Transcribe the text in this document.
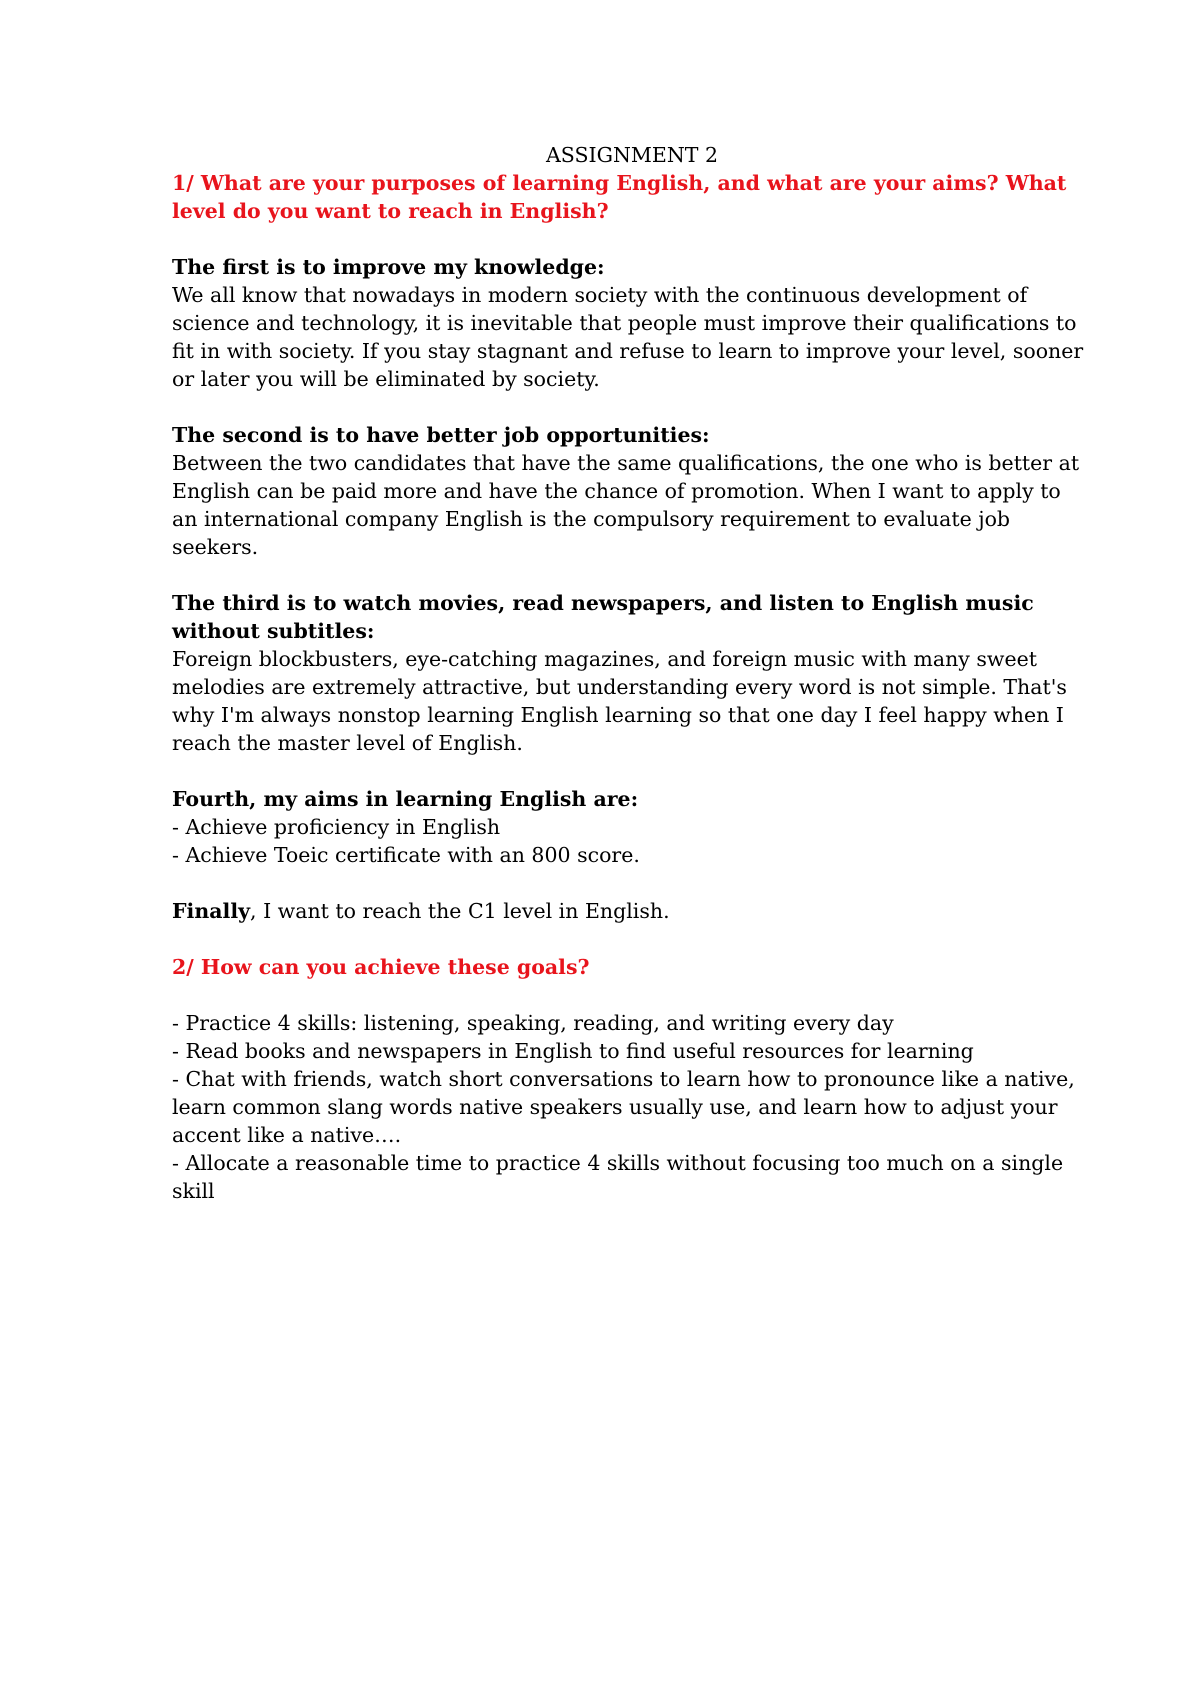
ASSIGNMENT 2

1/ What are your purposes of learning English, and what are your aims? What level do you want to reach in English?

The first is to improve my knowledge:

We all know that nowadays in modern society with the continuous development of science and technology, it is inevitable that people must improve their qualifications to fit in with society. If you stay stagnant and refuse to learn to improve your level, sooner or later you will be eliminated by society.

The second is to have better job opportunities:

Between the two candidates that have the same qualifications, the one who is better at English can be paid more and have the chance of promotion. When I want to apply to an international company English is the compulsory requirement to evaluate job seekers.

The third is to watch movies, read newspapers, and listen to English music without subtitles:

Foreign blockbusters, eye-catching magazines, and foreign music with many sweet melodies are extremely attractive, but understanding every word is not simple. That's why I'm always nonstop learning English learning so that one day I feel happy when I reach the master level of English.

Fourth, my aims in learning English are:

- Achieve proficiency in English
- Achieve Toeic certificate with an 800 score.

Finally, I want to reach the C1 level in English.

2/ How can you achieve these goals?

- Practice 4 skills: listening, speaking, reading, and writing every day
- Read books and newspapers in English to find useful resources for learning
- Chat with friends, watch short conversations to learn how to pronounce like a native, learn common slang words native speakers usually use, and learn how to adjust your accent like a native….
- Allocate a reasonable time to practice 4 skills without focusing too much on a single skill
